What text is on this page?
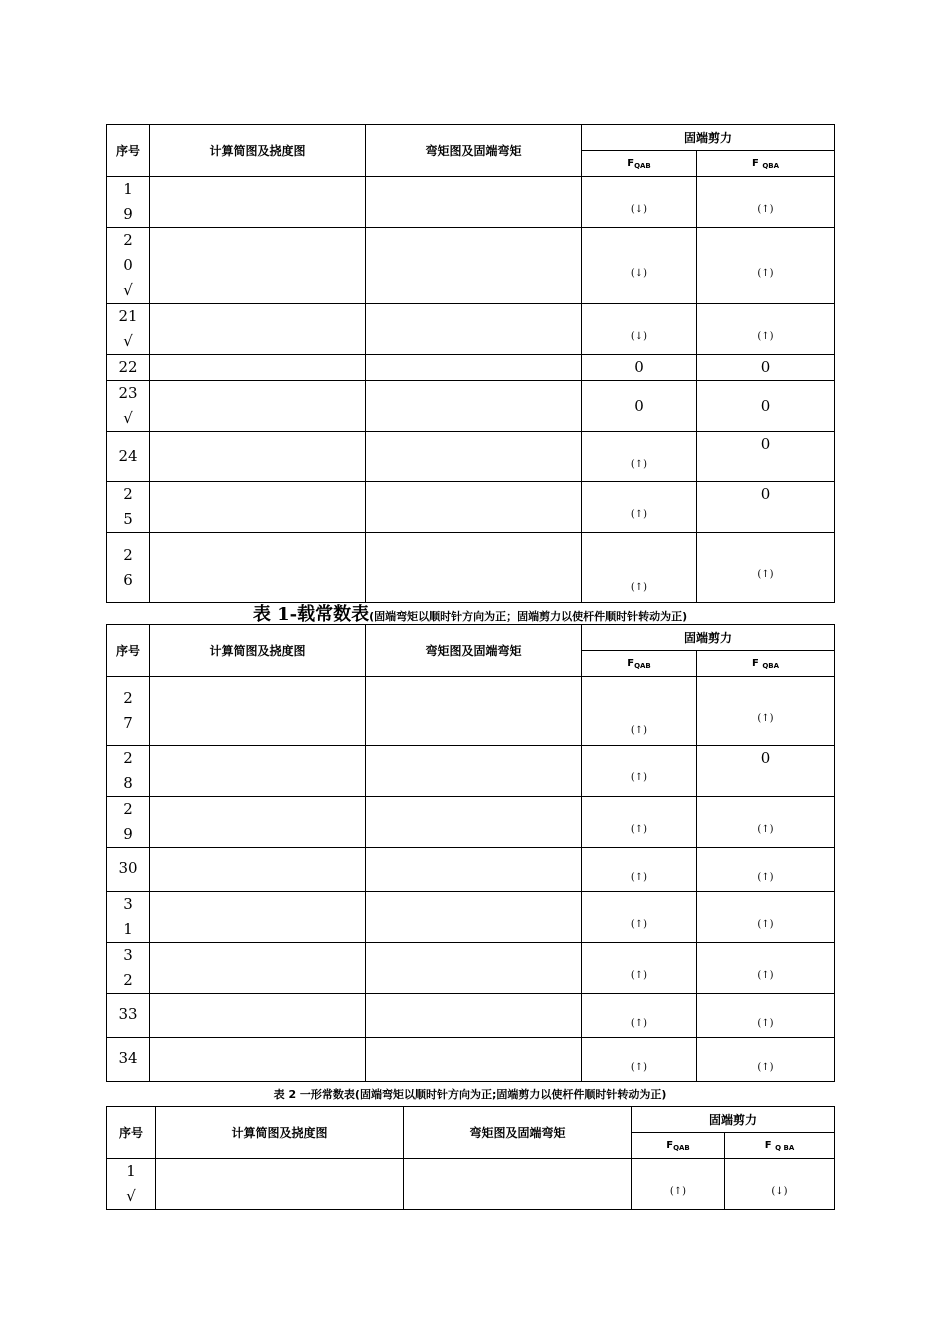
序号	计算简图及挠度图	弯矩图及固端弯矩	固端剪力	
			$F_{QAB}$	F $_{QBA}$

1
9			(↓)	(↑)

2
0
√			(↓)	(↑)

21
√			(↓)	(↑)

22			0	0

23
√			0	0

24			(↑)	0

2
5			(↑)	0

2
6			(↑)	(↑)
表 1-载常数表(固端弯矩以顺时针方向为正；固端剪力以使杆件顺时针转动为正)
序号	计算简图及挠度图	弯矩图及固端弯矩	固端剪力	
			$F_{QAB}$	F $_{QBA}$

2
7			(↑)	(↑)

2
8			(↑)	0

2
9			(↑)	(↑)

30			(↑)	(↑)

3
1			(↑)	(↑)

3
2			(↑)	(↑)

33			(↑)	(↑)

34			(↑)	(↑)
表 2 一形常数表(固端弯矩以顺时针方向为正;固端剪力以使杆件顺时针转动为正)
序号	计算简图及挠度图	弯矩图及固端弯矩	固端剪力	
			$F_{QAB}$	F $_{Q BA}$

1
√			(↑)	(↓)
